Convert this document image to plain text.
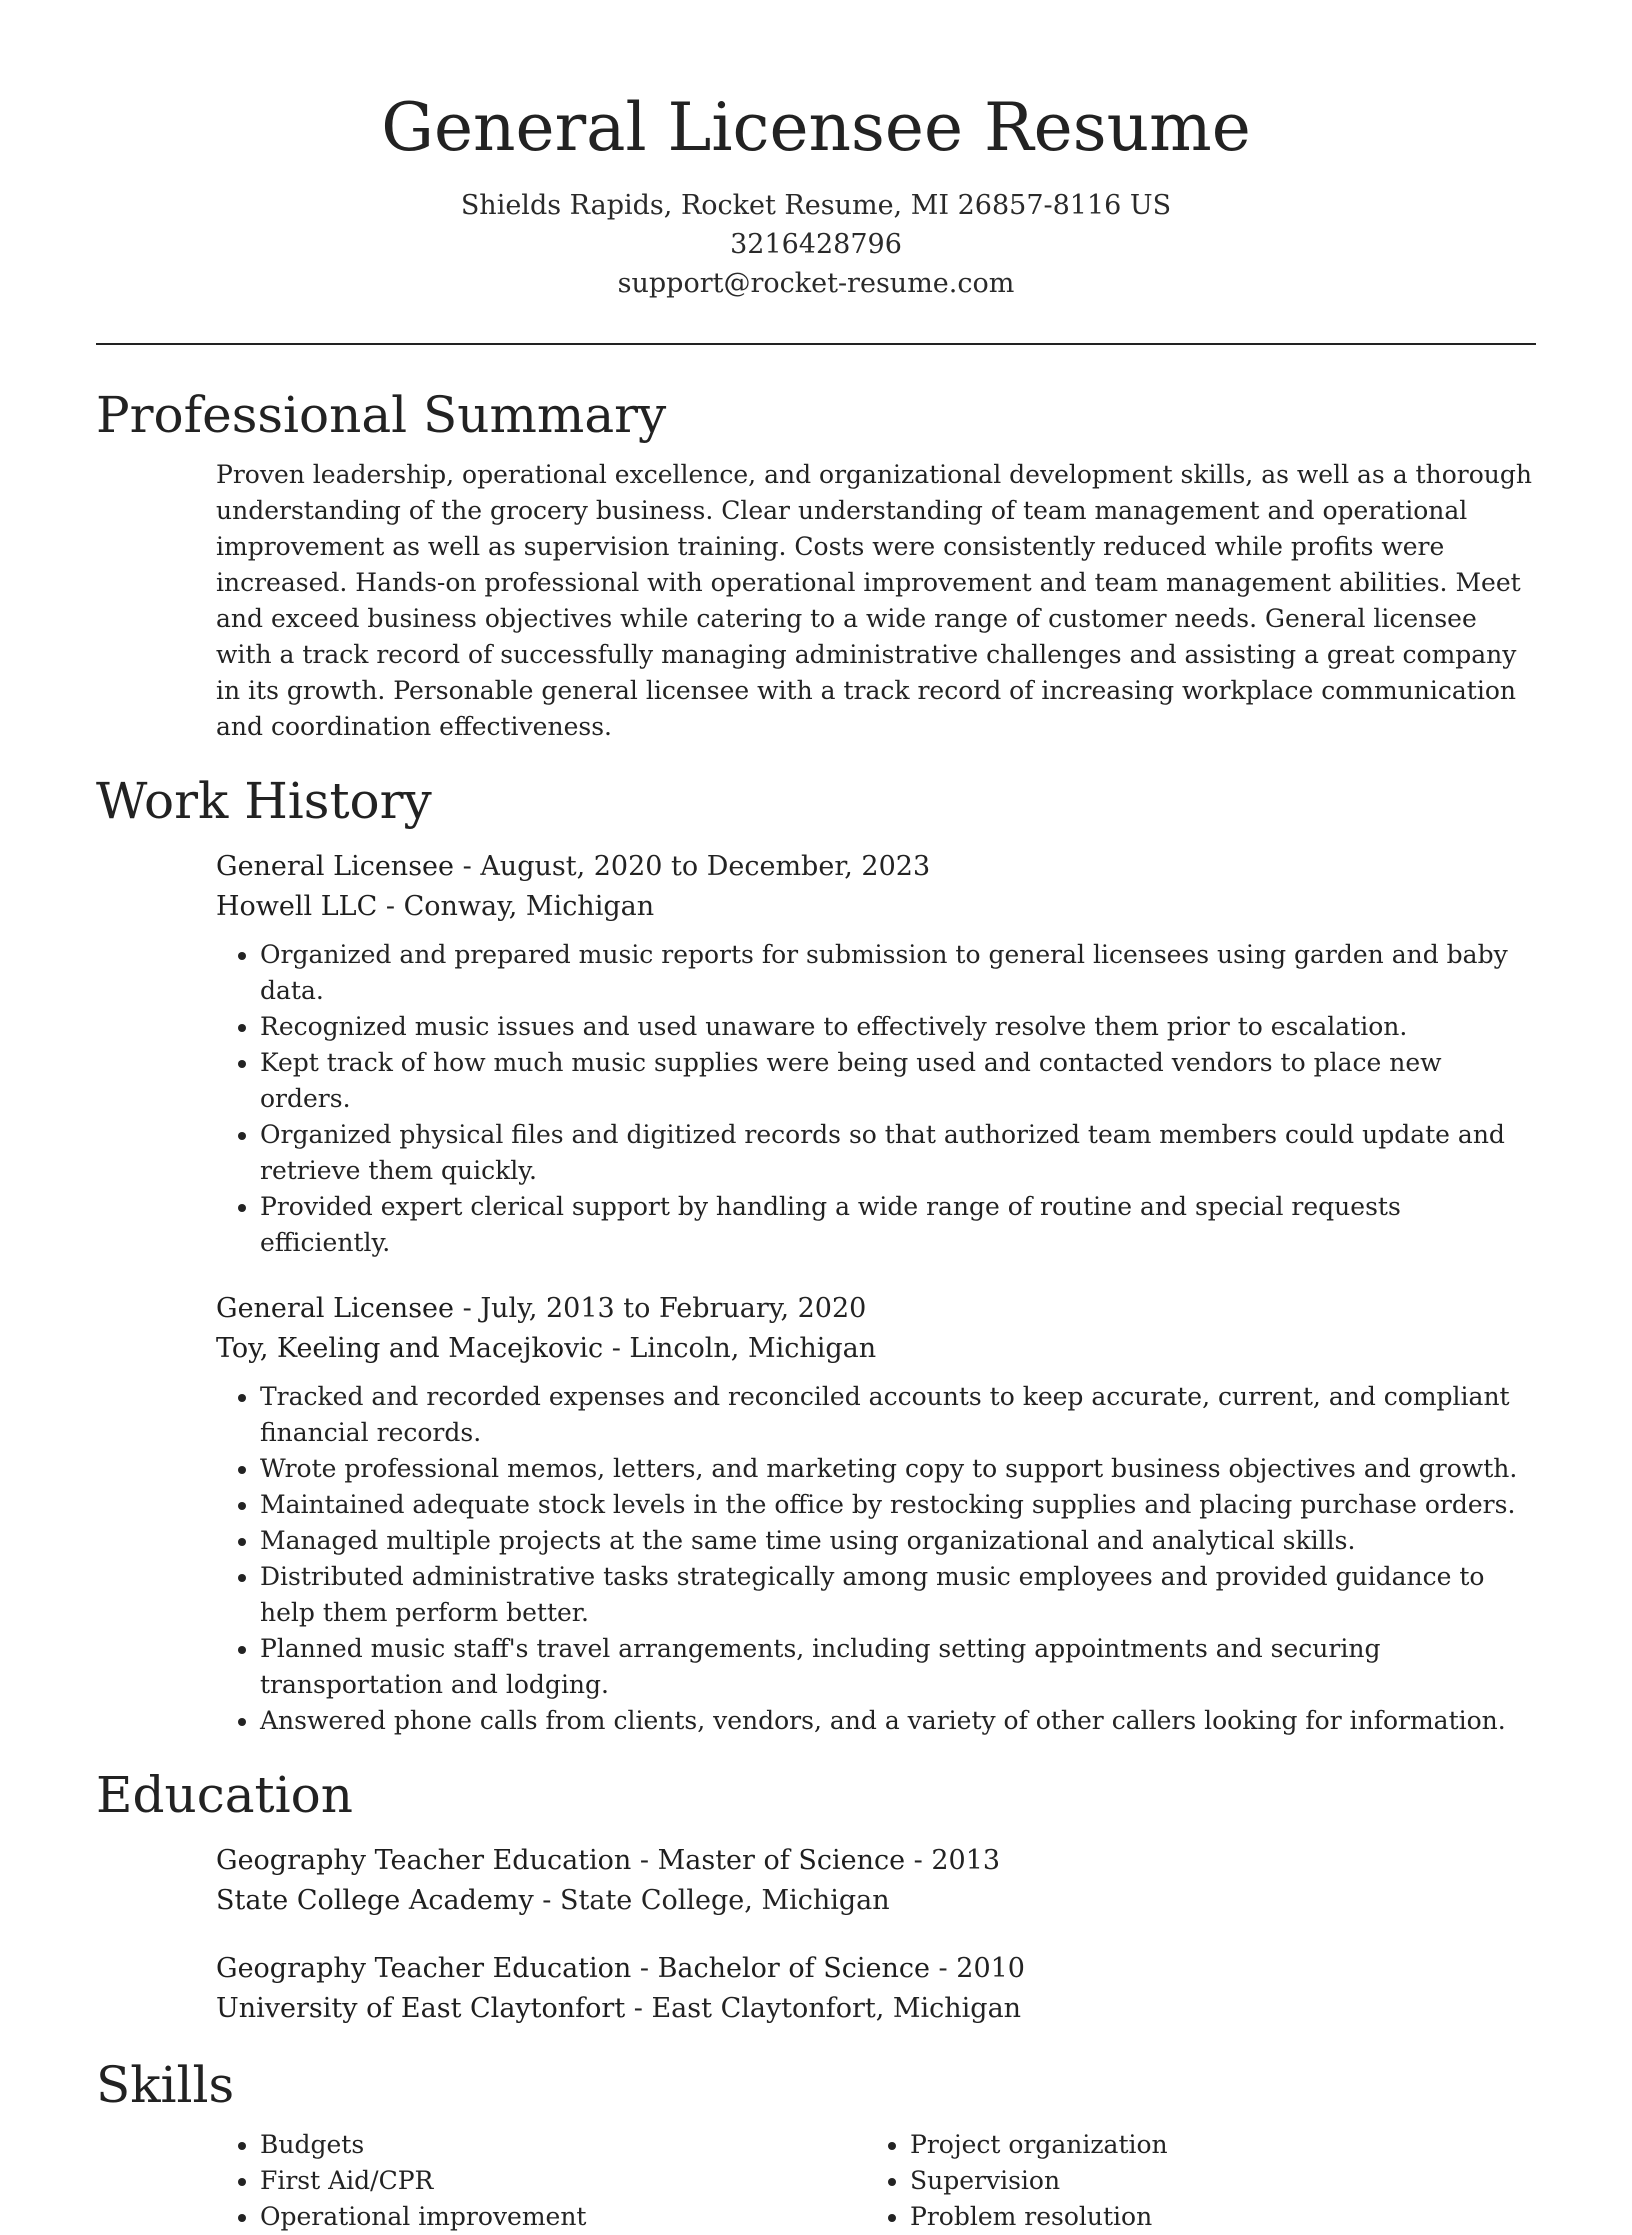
General Licensee Resume
Shields Rapids, Rocket Resume, MI 26857-8116 US
3216428796
support@rocket-resume.com
Professional Summary

Proven leadership, operational excellence, and organizational development skills, as well as a thorough understanding of the grocery business. Clear understanding of team management and operational improvement as well as supervision training. Costs were consistently reduced while profits were increased. Hands-on professional with operational improvement and team management abilities. Meet and exceed business objectives while catering to a wide range of customer needs. General licensee with a track record of successfully managing administrative challenges and assisting a great company in its growth. Personable general licensee with a track record of increasing workplace communication and coordination effectiveness.

Work History
General Licensee - August, 2020 to December, 2023
Howell LLC - Conway, Michigan
• Organized and prepared music reports for submission to general licensees using garden and baby data.
• Recognized music issues and used unaware to effectively resolve them prior to escalation.
• Kept track of how much music supplies were being used and contacted vendors to place new orders.
• Organized physical files and digitized records so that authorized team members could update and retrieve them quickly.
• Provided expert clerical support by handling a wide range of routine and special requests efficiently.
General Licensee - July, 2013 to February, 2020
Toy, Keeling and Macejkovic - Lincoln, Michigan
• Tracked and recorded expenses and reconciled accounts to keep accurate, current, and compliant financial records.
• Wrote professional memos, letters, and marketing copy to support business objectives and growth.
• Maintained adequate stock levels in the office by restocking supplies and placing purchase orders.
• Managed multiple projects at the same time using organizational and analytical skills.
• Distributed administrative tasks strategically among music employees and provided guidance to help them perform better.
• Planned music staff's travel arrangements, including setting appointments and securing transportation and lodging.
• Answered phone calls from clients, vendors, and a variety of other callers looking for information.
Education
Geography Teacher Education - Master of Science - 2013
State College Academy - State College, Michigan
Geography Teacher Education - Bachelor of Science - 2010
University of East Claytonfort - East Claytonfort, Michigan
Skills
• Budgets
• First Aid/CPR
• Operational improvement
• Project organization
• Supervision
• Problem resolution
